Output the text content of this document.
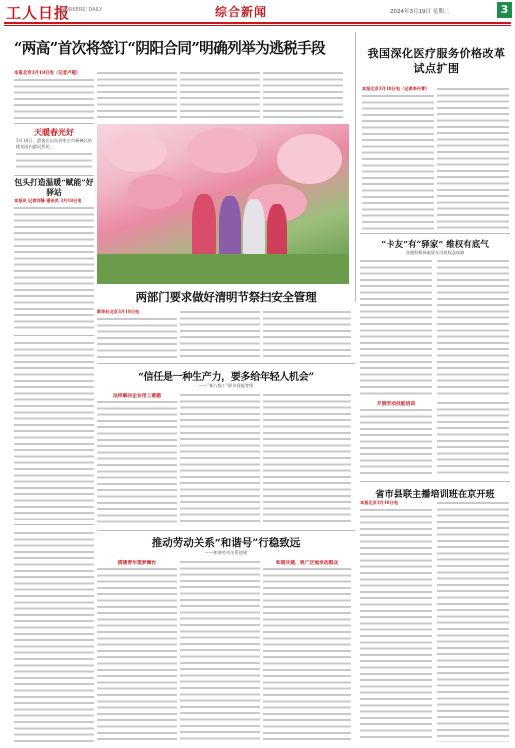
工人日报
WORKERS' DAILY	综合新闻	2024年3月19日 星期二	3
“两高”首次将签订“阴阳合同”明确列举为逃税手段
本报北京3月18日电（记者卢越）
我国深化医疗服务价格改革试点扩围
本报北京3月18日电（记者李丹青）
天暖春光好
3月18日，游客在山东省枣庄市峄城区的桃花园内游玩赏花。
包头打造温暖“赋能”好驿站
本报讯 记者刘锋 通讯员 3月18日电
两部门要求做好清明节祭扫安全管理
新华社北京3月18日电
“卡友”有“驿家” 维权有底气
各地积极探索货车司机权益保障
开展劳动技能培训
“信任是一种生产力，要多给年轻人机会”
——“新八级工”职业技能等级
这样解决企业用工难题
省市县联主播培训班在京开班
本报北京3月18日电
推动劳动关系“和谐号”行稳致远
——和谐劳动关系创建
搭建青年筑梦舞台	和谐共建，更广泛地发动群众
